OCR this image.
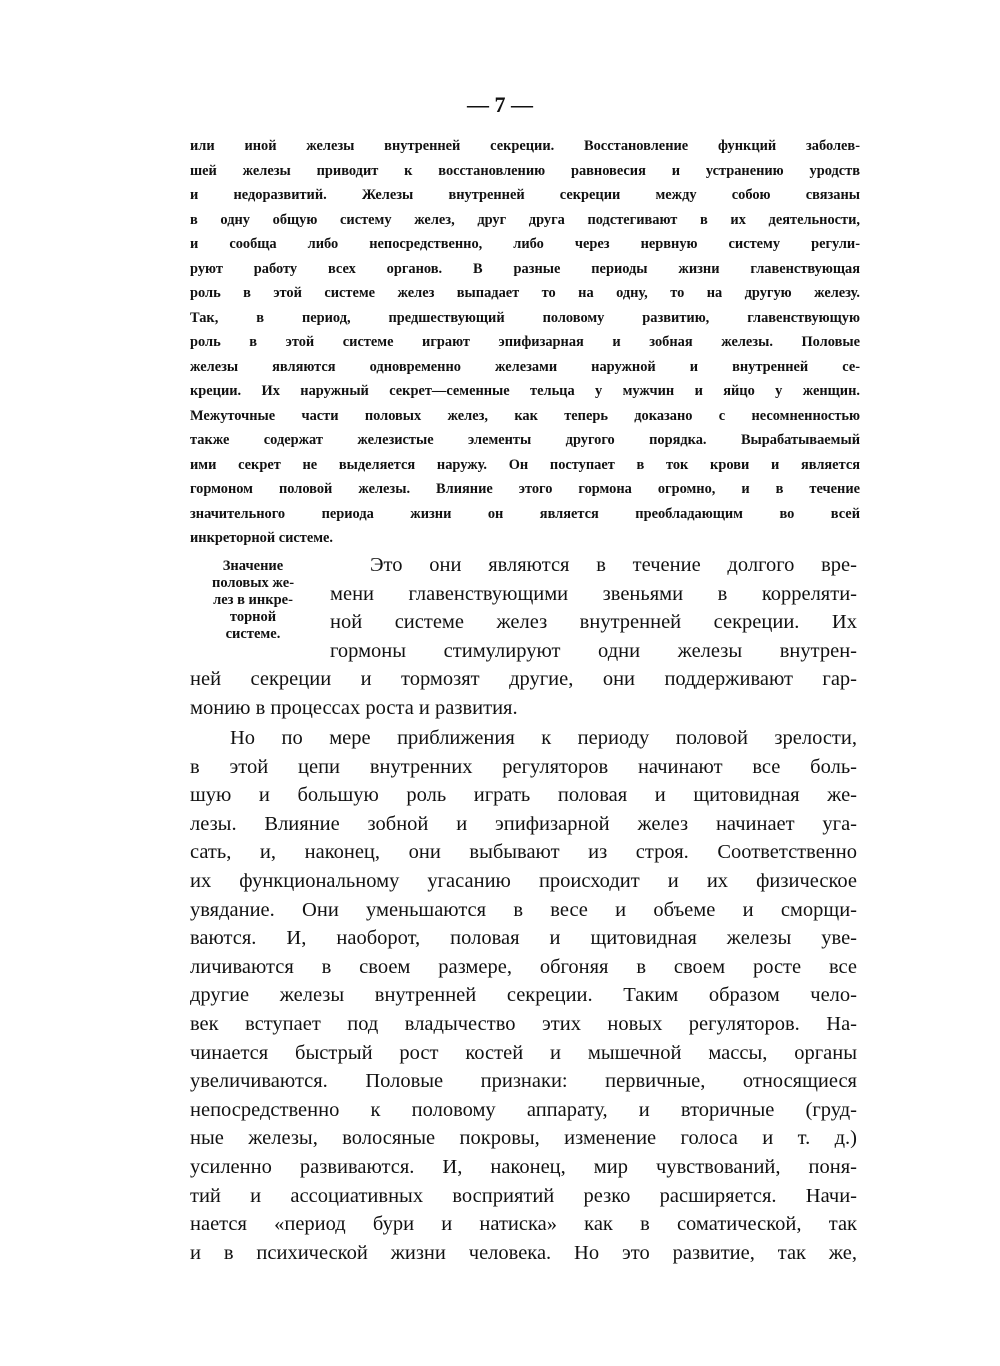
— 7 —
или иной железы внутренней секреции. Восстановление функций заболев-
шей железы приводит к восстановлению равновесия и устранению уродств
и недоразвитий. Железы внутренней секреции между собою связаны
в одну общую систему желез, друг друга подстегивают в их деятельности,
и сообща либо непосредственно, либо через нервную систему регули-
руют работу всех органов. В разные периоды жизни главенствующая
роль в этой системе желез выпадает то на одну, то на другую железу.
Так, в период, предшествующий половому развитию, главенствующую
роль в этой системе играют эпифизарная и зобная железы. Половые
железы являются одновременно железами наружной и внутренней се-
креции. Их наружный секрет—семенные тельца у мужчин и яйцо у женщин.
Межуточные части половых желез, как теперь доказано с несомненностью
также содержат железистые элементы другого порядка. Вырабатываемый
ими секрет не выделяется наружу. Он поступает в ток крови и является
гормоном половой железы. Влияние этого гормона огромно, и в течение
значительного периода жизни он является преобладающим во всей
инкреторной системе.
Значение
половых же-
лез в инкре-
торной
системе.
Это они являются в течение долгого вре-
мени главенствующими звеньями в корреляти-
ной системе желез внутренней секреции. Их
гормоны стимулируют одни железы внутрен-
ней секреции и тормозят другие, они поддерживают гар-
монию в процессах роста и развития.
Но по мере приближения к периоду половой зрелости,
в этой цепи внутренних регуляторов начинают все боль-
шую и большую роль играть половая и щитовидная же-
лезы. Влияние зобной и эпифизарной желез начинает уга-
сать, и, наконец, они выбывают из строя. Соответственно
их функциональному угасанию происходит и их физическое
увядание. Они уменьшаются в весе и объеме и сморщи-
ваются. И, наоборот, половая и щитовидная железы уве-
личиваются в своем размере, обгоняя в своем росте все
другие железы внутренней секреции. Таким образом чело-
век вступает под владычество этих новых регуляторов. На-
чинается быстрый рост костей и мышечной массы, органы
увеличиваются. Половые признаки: первичные, относящиеся
непосредственно к половому аппарату, и вторичные (груд-
ные железы, волосяные покровы, изменение голоса и т. д.)
усиленно развиваются. И, наконец, мир чувствований, поня-
тий и ассоциативных восприятий резко расширяется. Начи-
нается «период бури и натиска» как в соматической, так
и в психической жизни человека. Но это развитие, так же,
